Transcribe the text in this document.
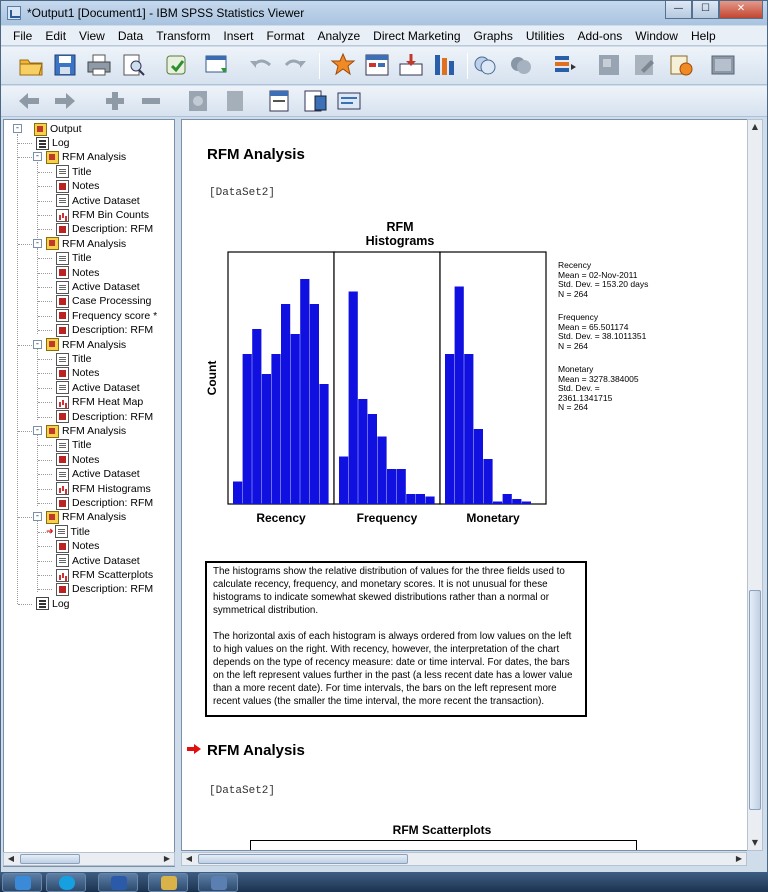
*Output1 [Document1] - IBM SPSS Statistics Viewer	—	☐	✕
File	Edit	View	Data	Transform	Insert	Format	Analyze	Direct Marketing	Graphs	Utilities	Add-ons	Window	Help
-	Output
Log
- RFM Analysis
Title
Notes
Active Dataset
RFM Bin Counts
Description: RFM
- RFM Analysis
Title
Notes
Active Dataset
Case Processing
Frequency score *
Description: RFM
- RFM Analysis
Title
Notes
Active Dataset
RFM Heat Map
Description: RFM
- RFM Analysis
Title
Notes
Active Dataset
RFM Histograms
Description: RFM
- RFM Analysis
➜ Title
Notes
Active Dataset
RFM Scatterplots
Description: RFM
Log
RFM Analysis
[DataSet2]
RFM
Histograms
Count
Recency	Frequency	Monetary
Recency
Mean = 02-Nov-2011
Std. Dev. = 153.20 days
N = 264
Frequency
Mean = 65.501174
Std. Dev. = 38.1011351
N = 264
Monetary
Mean = 3278.384005
Std. Dev. =
2361.1341715
N = 264

The histograms show the relative distribution of values for the three fields used to calculate recency, frequency, and monetary scores. It is not unusual for these histograms to indicate somewhat skewed distributions rather than a normal or symmetrical distribution.

The horizontal axis of each histogram is always ordered from low values on the left to high values on the right. With recency, however, the interpretation of the chart depends on the type of recency measure: date or time interval. For dates, the bars on the left represent values further in the past (a less recent date has a lower value than a more recent date). For time intervals, the bars on the left represent more recent values (the smaller the time interval, the more recent the transaction).

RFM Analysis
[DataSet2]
RFM Scatterplots
▲
▼
◀	▶	◀	▶
